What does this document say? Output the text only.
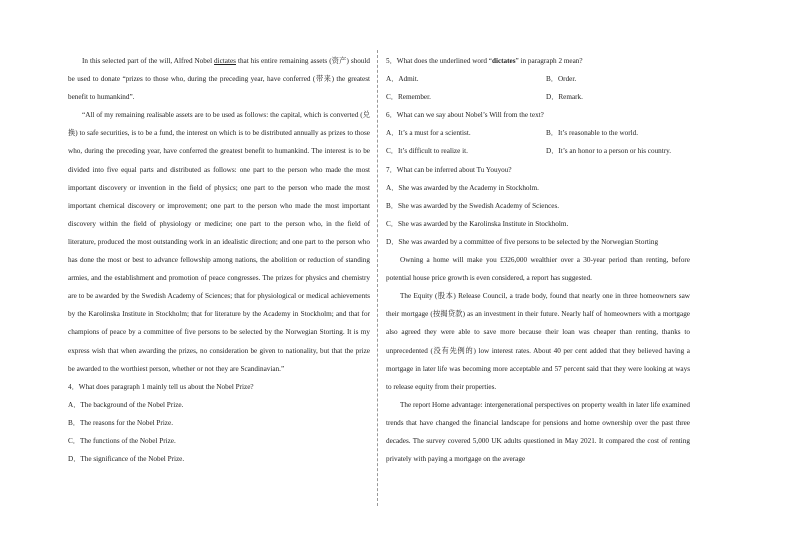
In this selected part of the will, Alfred Nobel dictates that his entire remaining assets (资产) should be used to donate “prizes to those who, during the preceding year, have conferred (带来) the greatest benefit to humankind”.

“All of my remaining realisable assets are to be used as follows: the capital, which is converted (兑换) to safe securities, is to be a fund, the interest on which is to be distributed annually as prizes to those who, during the preceding year, have conferred the greatest benefit to humankind. The interest is to be divided into five equal parts and distributed as follows: one part to the person who made the most important discovery or invention in the field of physics; one part to the person who made the most important chemical discovery or improvement; one part to the person who made the most important discovery within the field of physiology or medicine; one part to the person who, in the field of literature, produced the most outstanding work in an idealistic direction; and one part to the person who has done the most or best to advance fellowship among nations, the abolition or reduction of standing armies, and the establishment and promotion of peace congresses. The prizes for physics and chemistry are to be awarded by the Swedish Academy of Sciences; that for physiological or medical achievements by the Karolinska Institute in Stockholm; that for literature by the Academy in Stockholm; and that for champions of peace by a committee of five persons to be selected by the Norwegian Storting. It is my express wish that when awarding the prizes, no consideration be given to nationality, but that the prize be awarded to the worthiest person, whether or not they are Scandinavian.”

4．What does paragraph 1 mainly tell us about the Nobel Prize?

A．The background of the Nobel Prize.

B．The reasons for the Nobel Prize.

C．The functions of the Nobel Prize.

D．The significance of the Nobel Prize.

5．What does the underlined word “dictates” in paragraph 2 mean?

A．Admit.	B．Order.
C．Remember.	D．Remark.

6．What can we say about Nobel’s Will from the text?

A．It’s a must for a scientist.	B．It’s reasonable to the world.
C．It’s difficult to realize it.	D．It’s an honor to a person or his country.

7．What can be inferred about Tu Youyou?

A．She was awarded by the Academy in Stockholm.

B．She was awarded by the Swedish Academy of Sciences.

C．She was awarded by the Karolinska Institute in Stockholm.

D．She was awarded by a committee of five persons to be selected by the Norwegian Storting

Owning a home will make you £326,000 wealthier over a 30-year period than renting, before potential house price growth is even considered, a report has suggested.

The Equity (股本) Release Council, a trade body, found that nearly one in three homeowners saw their mortgage (按揭贷款) as an investment in their future. Nearly half of homeowners with a mortgage also agreed they were able to save more because their loan was cheaper than renting, thanks to unprecedented (没有先例的) low interest rates. About 40 per cent added that they believed having a mortgage in later life was becoming more acceptable and 57 percent said that they were looking at ways to release equity from their properties.

The report Home advantage: intergenerational perspectives on property wealth in later life examined trends that have changed the financial landscape for pensions and home ownership over the past three decades. The survey covered 5,000 UK adults questioned in May 2021. It compared the cost of renting privately with paying a mortgage on the average
